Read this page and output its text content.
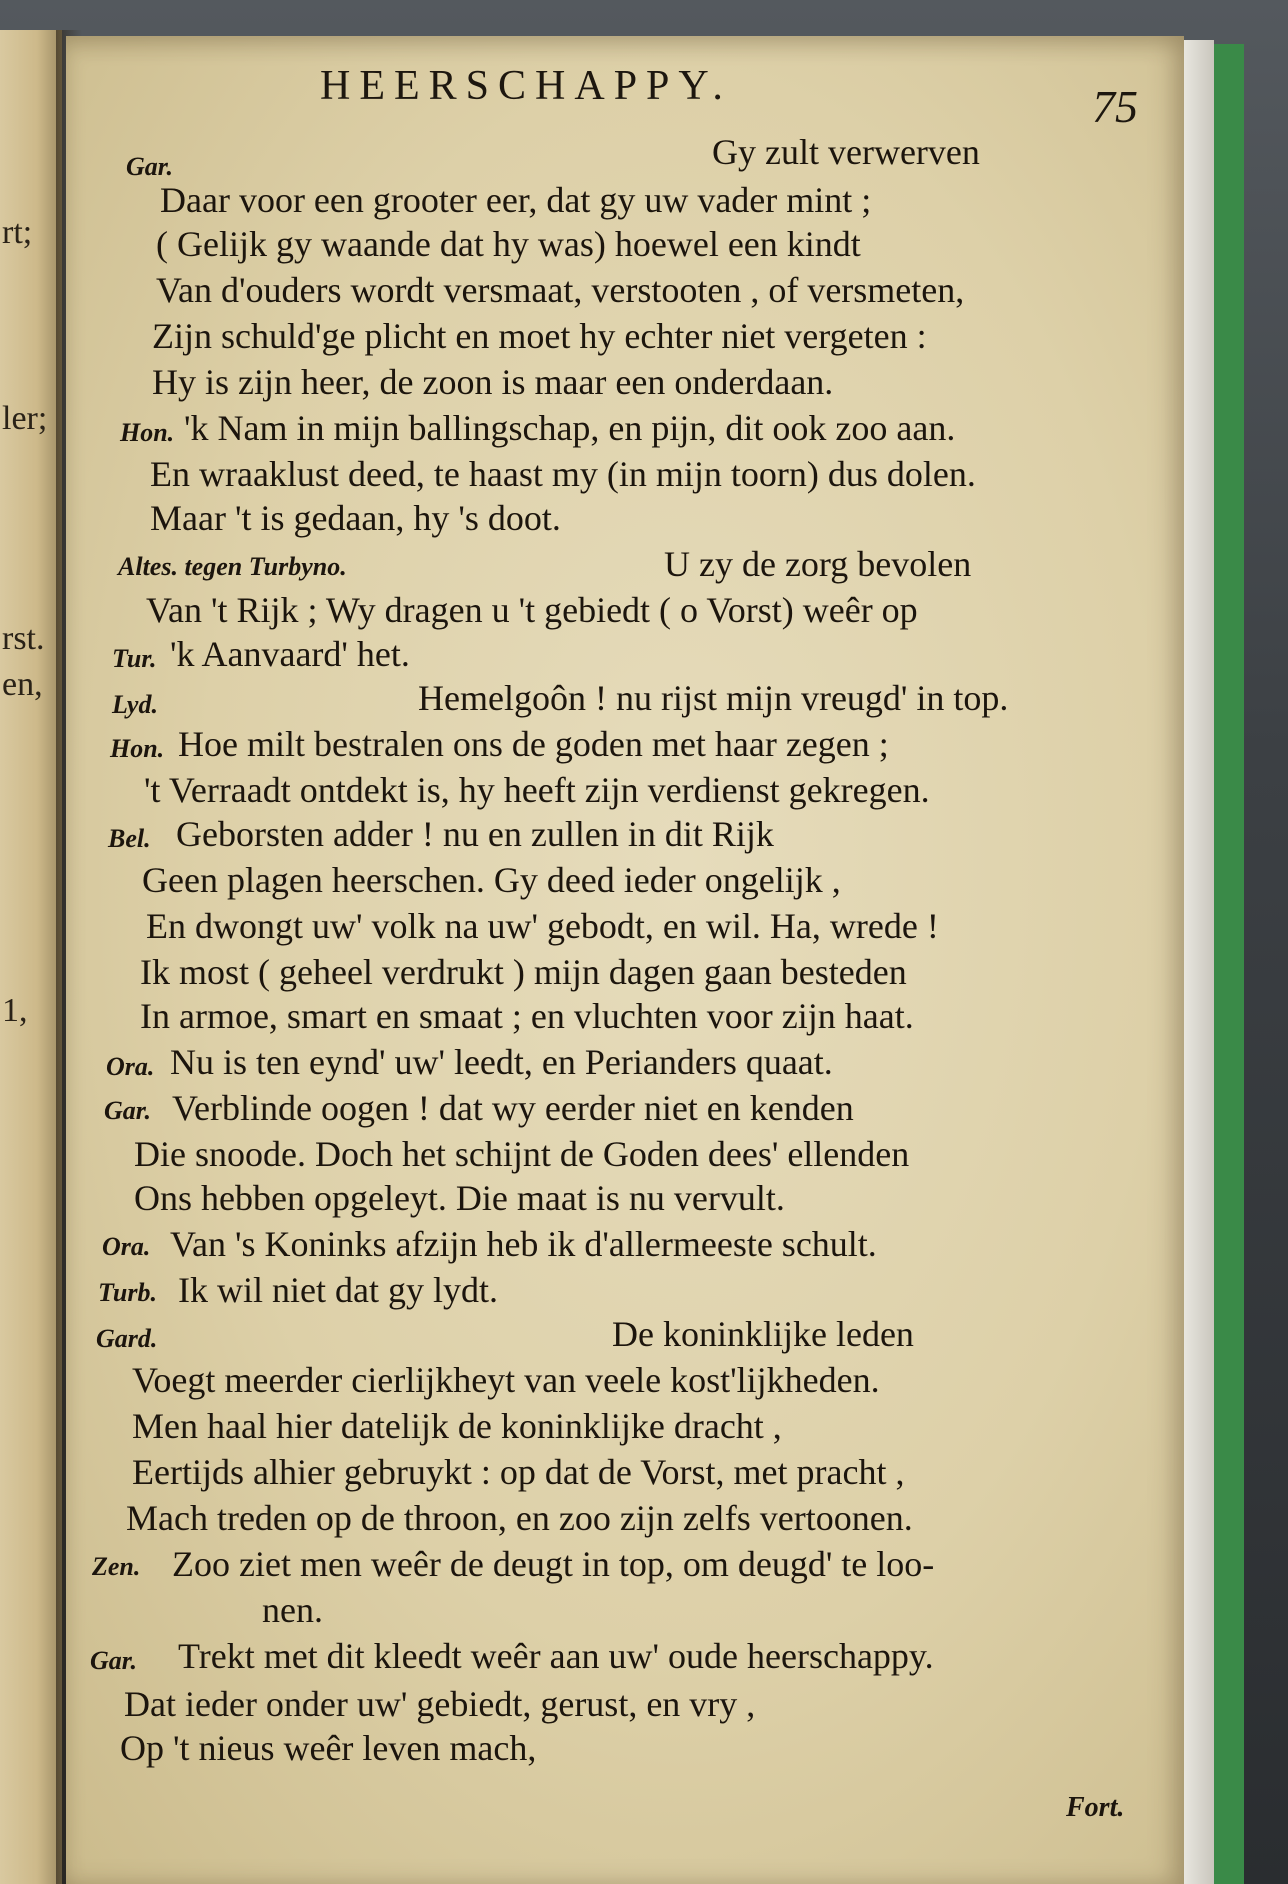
rt;
ler;
rst.
en,
1,
HEERSCHAPPY.	75
Gar.	Gy zult verwerven
Daar voor een grooter eer, dat gy uw vader mint ;
( Gelijk gy waande dat hy was) hoewel een kindt
Van d'ouders wordt versmaat, verstooten , of versmeten,
Zijn schuld'ge plicht en moet hy echter niet vergeten :
Hy is zijn heer, de zoon is maar een onderdaan.
Hon. 'k Nam in mijn ballingschap, en pijn, dit ook zoo aan.
En wraaklust deed, te haast my (in mijn toorn) dus dolen.
Maar 't is gedaan, hy 's doot.
Altes. tegen Turbyno.	U zy de zorg bevolen
Van 't Rijk ; Wy dragen u 't gebiedt ( o Vorst) weêr op
Tur. 'k Aanvaard' het.
Lyd.	Hemelgoôn ! nu rijst mijn vreugd' in top.
Hon. Hoe milt bestralen ons de goden met haar zegen ;
't Verraadt ontdekt is, hy heeft zijn verdienst gekregen.
Bel. Geborsten adder ! nu en zullen in dit Rijk
Geen plagen heerschen. Gy deed ieder ongelijk ,
En dwongt uw' volk na uw' gebodt, en wil. Ha, wrede !
Ik most ( geheel verdrukt ) mijn dagen gaan besteden
In armoe, smart en smaat ; en vluchten voor zijn haat.
Ora. Nu is ten eynd' uw' leedt, en Perianders quaat.
Gar. Verblinde oogen ! dat wy eerder niet en kenden
Die snoode. Doch het schijnt de Goden dees' ellenden
Ons hebben opgeleyt. Die maat is nu vervult.
Ora. Van 's Koninks afzijn heb ik d'allermeeste schult.
Turb. Ik wil niet dat gy lydt.
Gard.	De koninklijke leden
Voegt meerder cierlijkheyt van veele kost'lijkheden.
Men haal hier datelijk de koninklijke dracht ,
Eertijds alhier gebruykt : op dat de Vorst, met pracht ,
Mach treden op de throon, en zoo zijn zelfs vertoonen.
Zen. Zoo ziet men weêr de deugt in top, om deugd' te loo-
nen.
Gar. Trekt met dit kleedt weêr aan uw' oude heerschappy.
Dat ieder onder uw' gebiedt, gerust, en vry ,
Op 't nieus weêr leven mach,
Fort.
